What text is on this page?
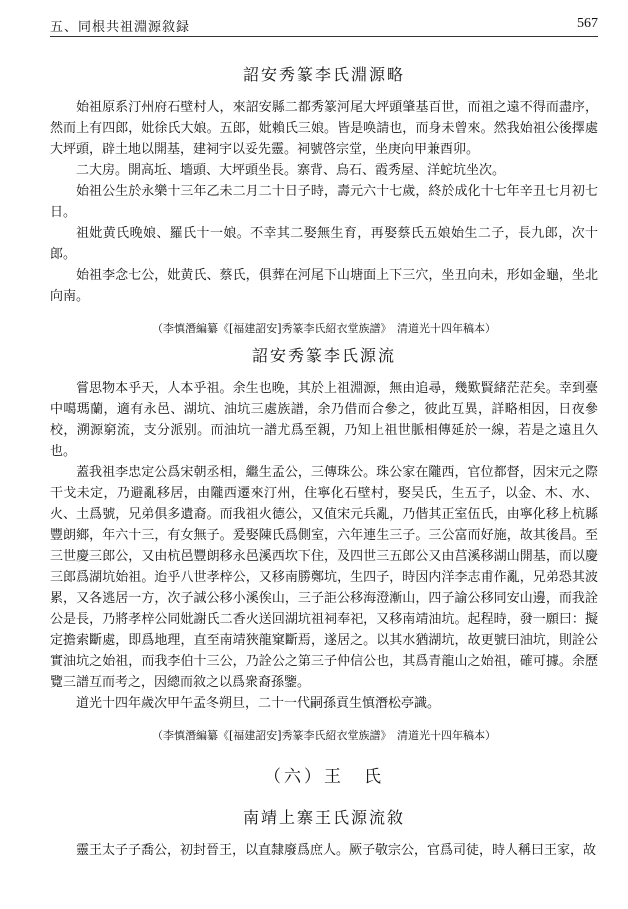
五、同根共祖淵源敘録	567
詔安秀篆李氏淵源略

始祖原系汀州府石壁村人，來詔安縣二都秀篆河尾大坪頭肇基百世，而祖之遠不得而盡序，然而上有四郎，妣徐氏大娘。五郎，妣賴氏三娘。皆是唤請也，而身未曾來。然我始祖公後擇處大坪頭，辟土地以開基，建祠宇以妥先靈。祠號啓宗堂，坐庚向甲兼酉卯。

二大房。開高坵、墻頭、大坪頭坐長。寨背、烏石、霞秀屋、洋蛇坑坐次。

始祖公生於永樂十三年乙未二月二十日子時，壽元六十七歲，終於成化十七年辛丑七月初七日。

祖妣黄氏晚娘、羅氏十一娘。不幸其二娶無生育，再娶蔡氏五娘始生二子，長九郎，次十郎。

始祖李念七公，妣黄氏、蔡氏，俱葬在河尾下山塘面上下三穴，坐丑向未，形如金龜，坐北向南。

（李慎潛編纂《[福建詔安]秀篆李氏紹衣堂族譜》　清道光十四年稿本）

詔安秀篆李氏源流

嘗思物本乎天，人本乎祖。余生也晚，其於上祖淵源，無由追尋，幾歎賢緒茫茫矣。幸到臺中噶瑪蘭，適有永邑、湖坑、油坑三處族譜，余乃借而合參之，彼此互異，詳略相因，日夜參校，溯源窮流，支分派别。而油坑一譜尤爲至親，乃知上祖世脈相傳延於一線，若是之遠且久也。

蓋我祖李忠定公爲宋朝丞相，繼生孟公，三傳珠公。珠公家在隴西，官位都督，因宋元之際干戈未定，乃避亂移居，由隴西遷來汀州，住寧化石壁村，娶吴氏，生五子，以金、木、水、火、土爲號，兄弟俱多遺裔。而我祖火德公，又值宋元兵亂，乃偕其正室伍氏，由寧化移上杭縣豐朗鄉，年六十三，有女無子。爰娶陳氏爲側室，六年連生三子。三公富而好施，故其後昌。至三世慶三郎公，又由杭邑豐朗移永邑溪西坎下住，及四世三五郎公又由莒溪移湖山開基，而以慶三郎爲湖坑始祖。迨乎八世孝梓公，又移南勝鄭坑，生四子，時因内洋李志甫作亂，兄弟恐其波累，又各逃居一方，次子誠公移小溪俟山，三子詎公移海澄漸山，四子諭公移同安山邊，而我詮公是長，乃將孝梓公同妣謝氏二香火送回湖坑祖祠奉祀，又移南靖油坑。起程時，發一願曰：擬定擔索斷處，即爲地理，直至南靖狹龍窠斷焉，遂居之。以其水猶湖坑，故更號曰油坑，則詮公實油坑之始祖，而我李伯十三公，乃詮公之第三子仲信公也，其爲青龍山之始祖，確可據。余歷覽三譜互而考之，因總而敘之以爲衆裔孫鑒。

道光十四年歲次甲午孟冬朔旦，二十一代嗣孫貢生慎潛松亭識。

（李慎潛編纂《[福建詔安]秀篆李氏紹衣堂族譜》　清道光十四年稿本）

（六）王　氏
南靖上寨王氏源流敘

靈王太子子喬公，初封晉王，以直隸廢爲庶人。厥子敬宗公，官爲司徒，時人稱曰王家，故
